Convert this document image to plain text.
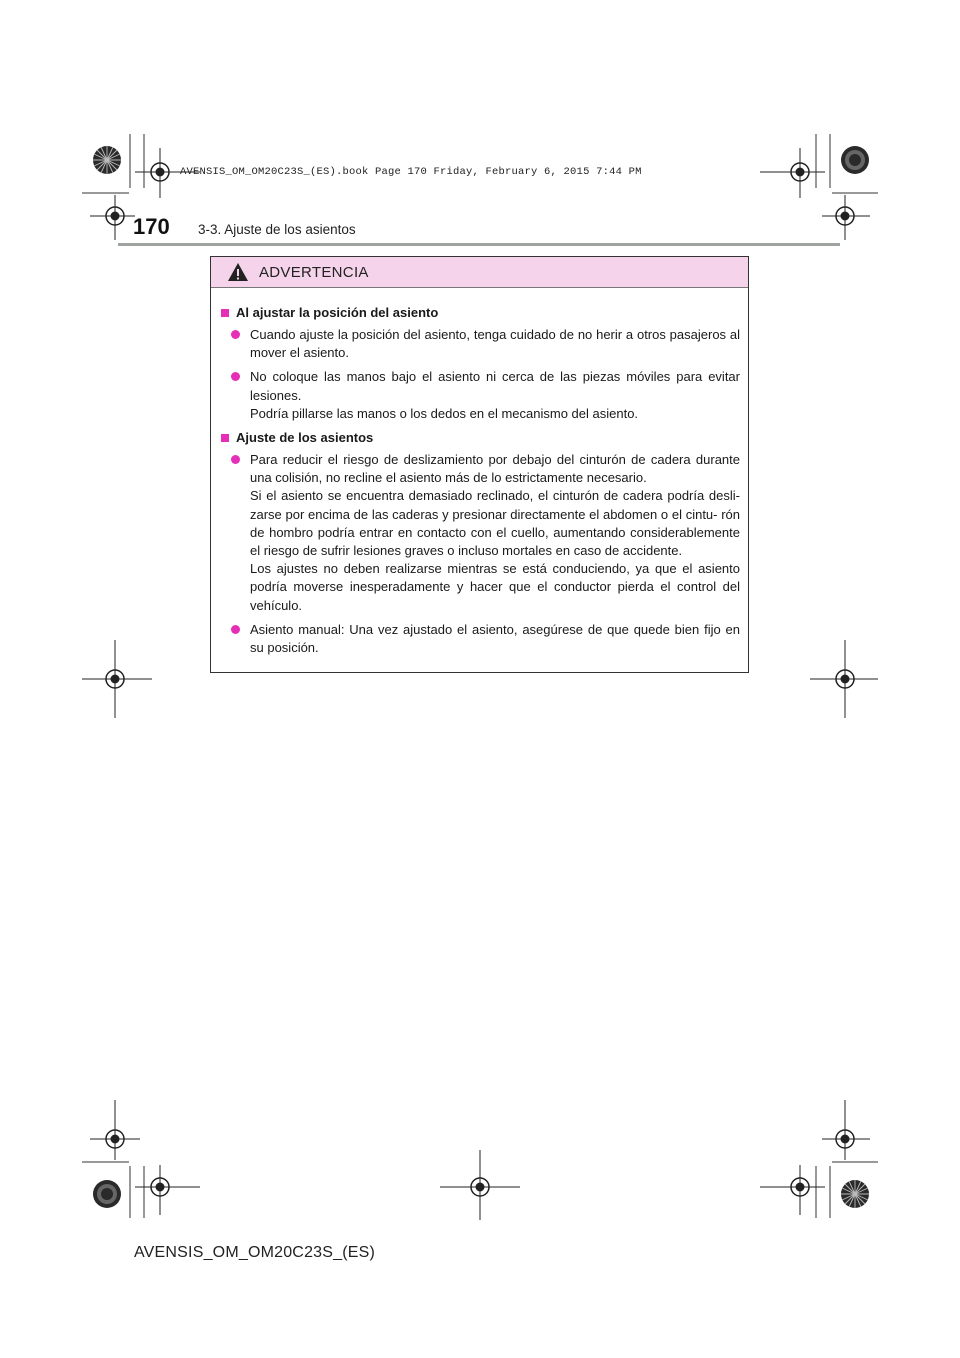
AVENSIS_OM_OM20C23S_(ES).book Page 170 Friday, February 6, 2015 7:44 PM
170 3-3. Ajuste de los asientos
ADVERTENCIA
Al ajustar la posición del asiento

Cuando ajuste la posición del asiento, tenga cuidado de no herir a otros pasajeros al mover el asiento.

No coloque las manos bajo el asiento ni cerca de las piezas móviles para evitar lesiones.

Podría pillarse las manos o los dedos en el mecanismo del asiento.

Ajuste de los asientos

Para reducir el riesgo de deslizamiento por debajo del cinturón de cadera durante una colisión, no recline el asiento más de lo estrictamente necesario.

Si el asiento se encuentra demasiado reclinado, el cinturón de cadera podría desli- zarse por encima de las caderas y presionar directamente el abdomen o el cintu- rón de hombro podría entrar en contacto con el cuello, aumentando considerablemente el riesgo de sufrir lesiones graves o incluso mortales en caso de accidente.

Los ajustes no deben realizarse mientras se está conduciendo, ya que el asiento podría moverse inesperadamente y hacer que el conductor pierda el control del vehículo.

Asiento manual: Una vez ajustado el asiento, asegúrese de que quede bien fijo en su posición.

AVENSIS_OM_OM20C23S_(ES)
